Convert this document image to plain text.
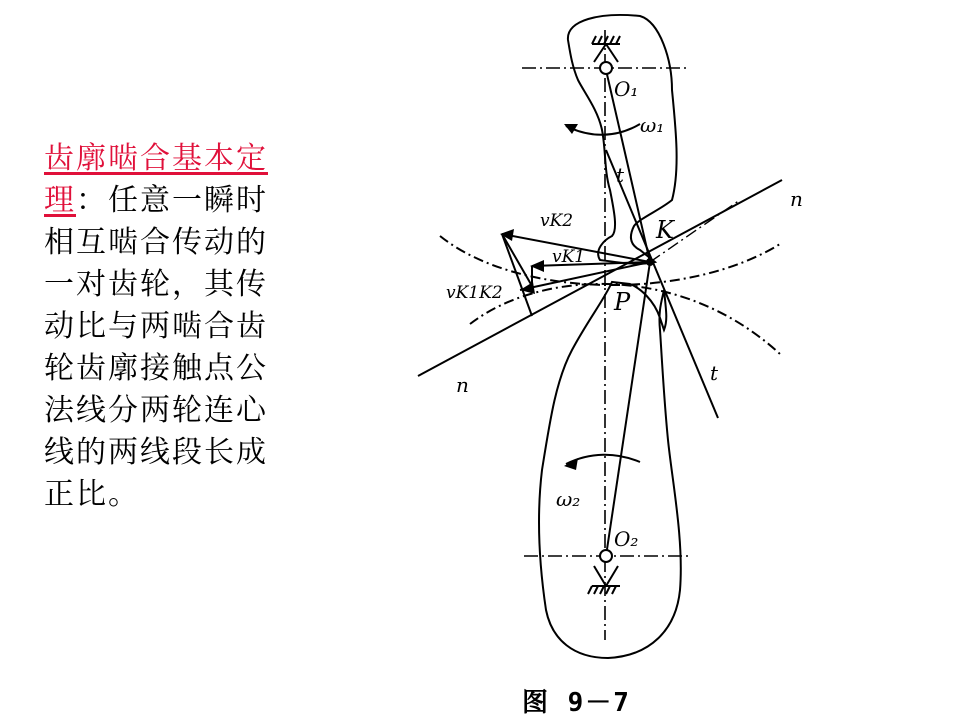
齿廓啮合基本定理：任意一瞬时相互啮合传动的一对齿轮，其传动比与两啮合齿轮齿廓接触点公法线分两轮连心线的两线段长成正比。
O₁
O₂
ω₁
ω₂
K
P
t
t
n
n
vK2
vK1
vK1K2
图 9－7
